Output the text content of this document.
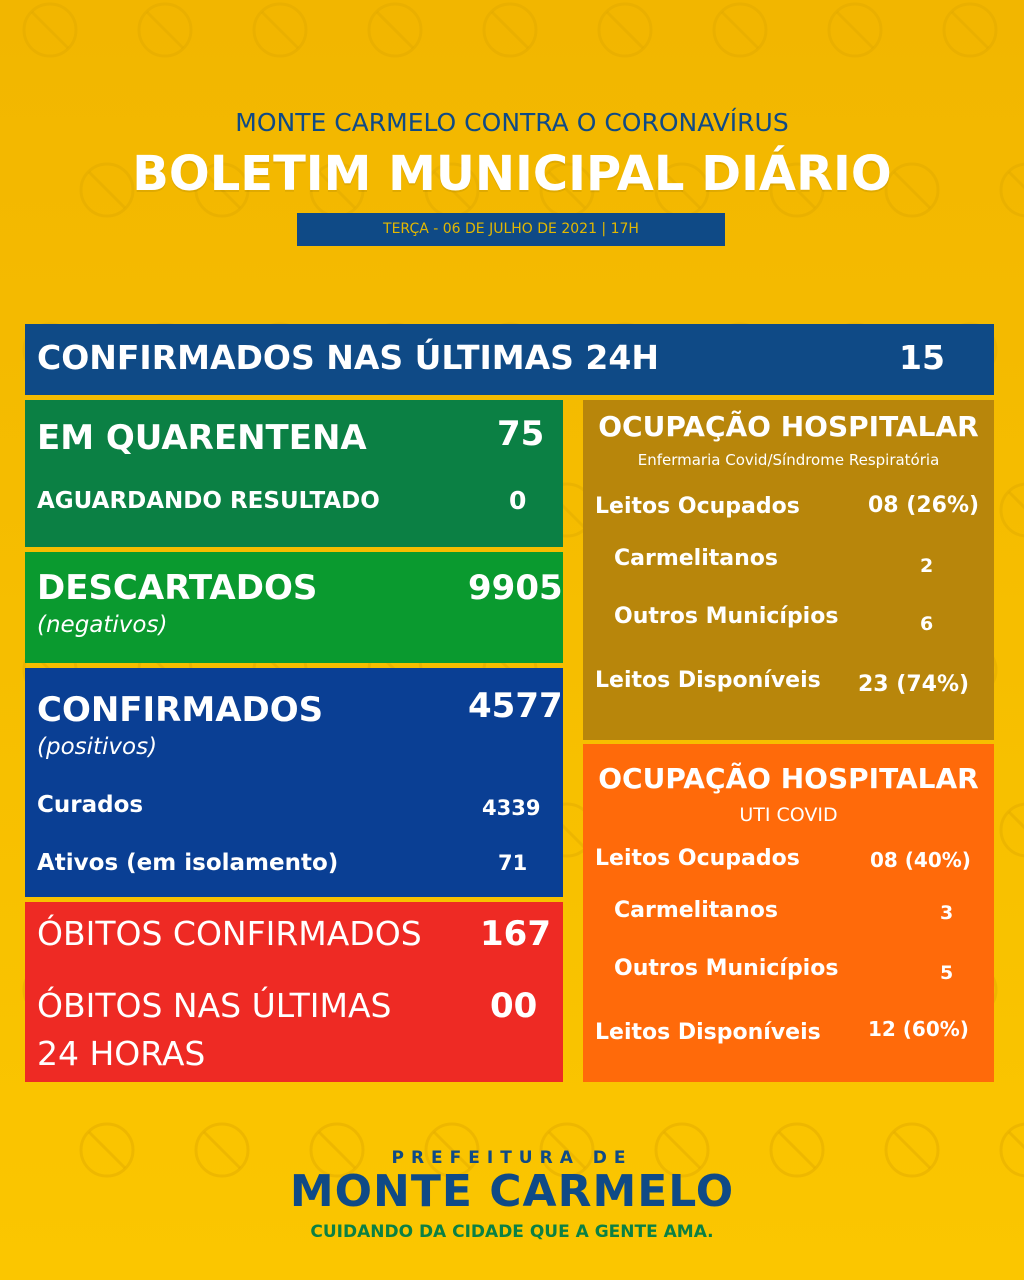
MONTE CARMELO CONTRA O CORONAVÍRUS
BOLETIM MUNICIPAL DIÁRIO
TERÇA - 06 DE JULHO DE 2021 | 17H
CONFIRMADOS NAS ÚLTIMAS 24H	15
EM QUARENTENA	75
AGUARDANDO RESULTADO	0
DESCARTADOS
(negativos)
9905
CONFIRMADOS
(positivos)
4577
Curados	4339
Ativos (em isolamento)	71
ÓBITOS CONFIRMADOS 167
ÓBITOS NAS ÚLTIMAS
24 HORAS
00
OCUPAÇÃO HOSPITALAR
Enfermaria Covid/Síndrome Respiratória
Leitos Ocupados	08 (26%)
Carmelitanos	2
Outros Municípios	6
Leitos Disponíveis 23 (74%)
OCUPAÇÃO HOSPITALAR
UTI COVID
Leitos Ocupados	08 (40%)
Carmelitanos	3
Outros Municípios	5
Leitos Disponíveis 12 (60%)
PREFEITURA DE
MONTE CARMELO
CUIDANDO DA CIDADE QUE A GENTE AMA.
